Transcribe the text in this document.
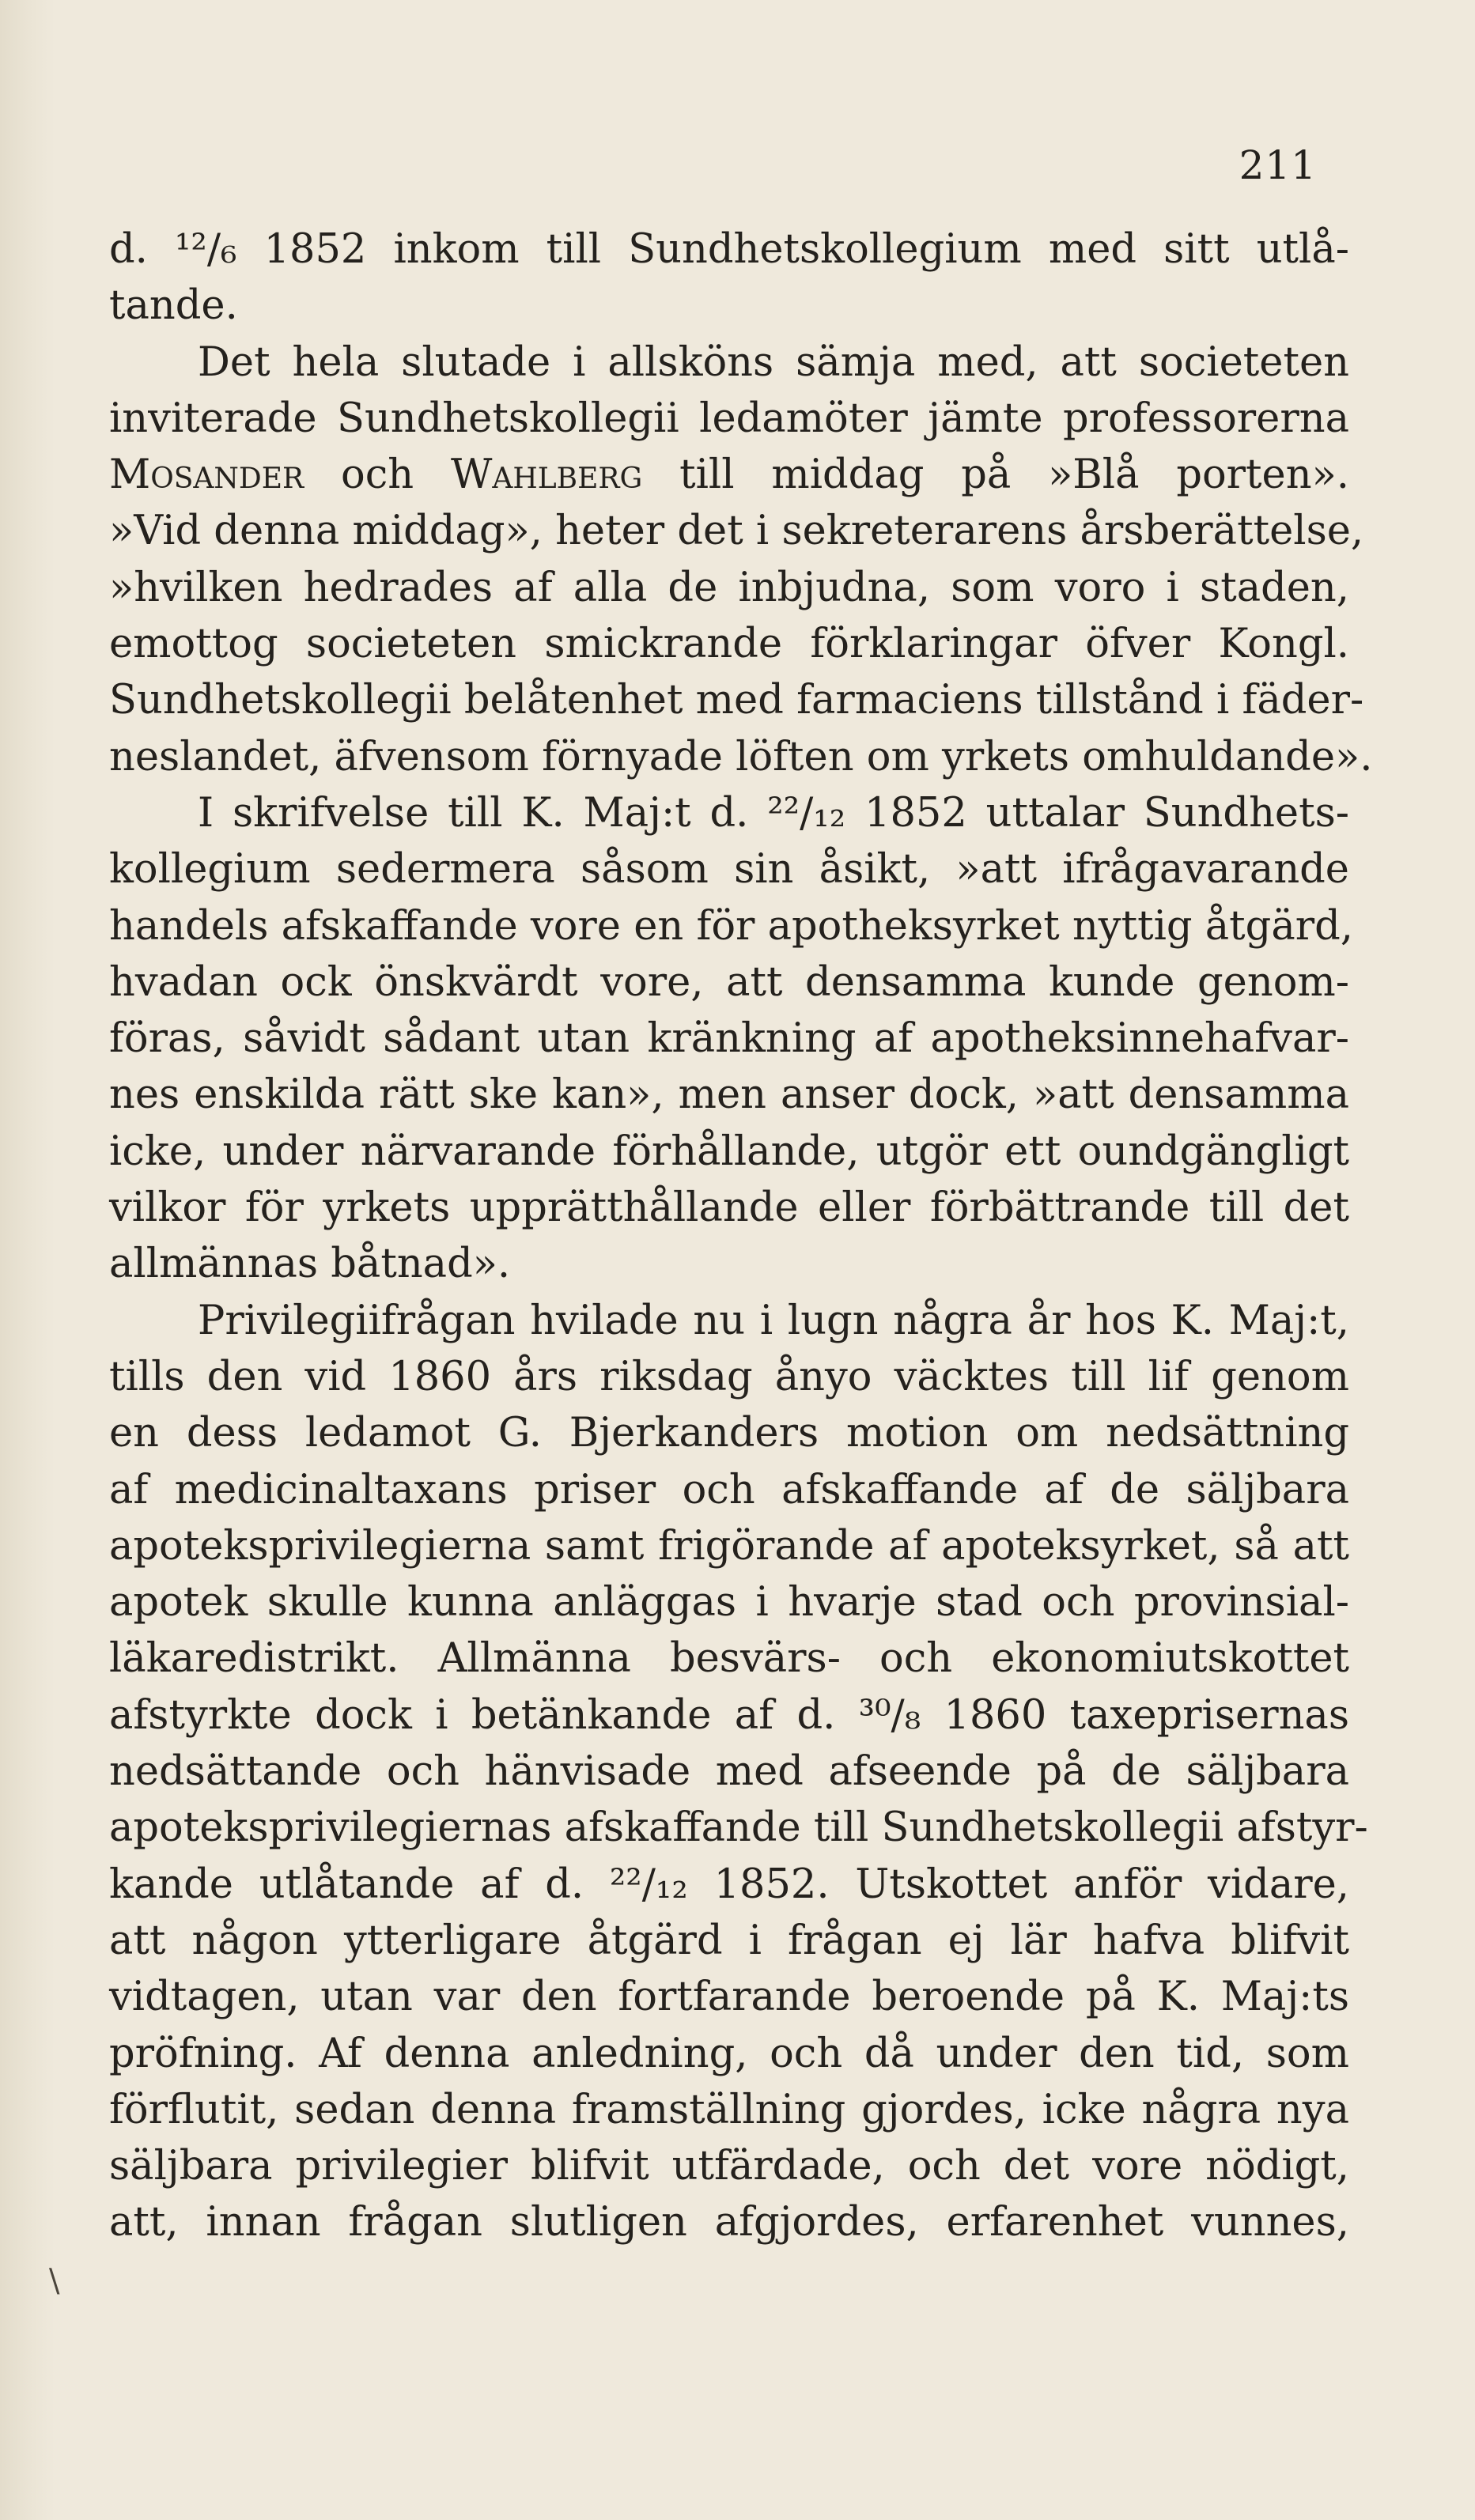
211
d. ¹²/₆ 1852 inkom till Sundhetskollegium med sitt utlå-
tande.
Det hela slutade i allsköns sämja med, att societeten
inviterade Sundhetskollegii ledamöter jämte professorerna
Mosander och Wahlberg till middag på »Blå porten».
»Vid denna middag», heter det i sekreterarens årsberättelse,
»hvilken hedrades af alla de inbjudna, som voro i staden,
emottog societeten smickrande förklaringar öfver Kongl.
Sundhetskollegii belåtenhet med farmaciens tillstånd i fäder-
neslandet, äfvensom förnyade löften om yrkets omhuldande».
I skrifvelse till K. Maj:t d. ²²/₁₂ 1852 uttalar Sundhets-
kollegium sedermera såsom sin åsikt, »att ifrågavarande
handels afskaffande vore en för apotheksyrket nyttig åtgärd,
hvadan ock önskvärdt vore, att densamma kunde genom-
föras, såvidt sådant utan kränkning af apotheksinnehafvar-
nes enskilda rätt ske kan», men anser dock, »att densamma
icke, under närvarande förhållande, utgör ett oundgängligt
vilkor för yrkets upprätthållande eller förbättrande till det
allmännas båtnad».
Privilegiifrågan hvilade nu i lugn några år hos K. Maj:t,
tills den vid 1860 års riksdag ånyo väcktes till lif genom
en dess ledamot G. Bjerkanders motion om nedsättning
af medicinaltaxans priser och afskaffande af de säljbara
apoteksprivilegierna samt frigörande af apoteksyrket, så att
apotek skulle kunna anläggas i hvarje stad och provinsial-
läkaredistrikt. Allmänna besvärs- och ekonomiutskottet
afstyrkte dock i betänkande af d. ³⁰/₈ 1860 taxeprisernas
nedsättande och hänvisade med afseende på de säljbara
apoteksprivilegiernas afskaffande till Sundhetskollegii afstyr-
kande utlåtande af d. ²²/₁₂ 1852. Utskottet anför vidare,
att någon ytterligare åtgärd i frågan ej lär hafva blifvit
vidtagen, utan var den fortfarande beroende på K. Maj:ts
pröfning. Af denna anledning, och då under den tid, som
förflutit, sedan denna framställning gjordes, icke några nya
säljbara privilegier blifvit utfärdade, och det vore nödigt,
att, innan frågan slutligen afgjordes, erfarenhet vunnes,
\
